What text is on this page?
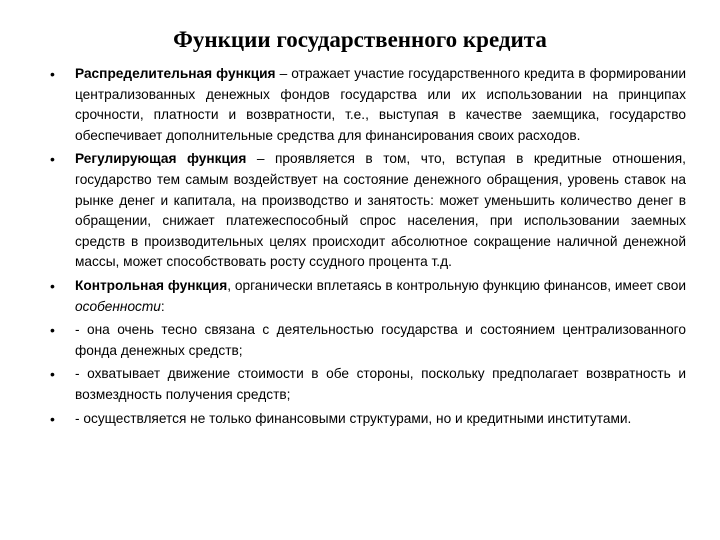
Функции государственного кредита
•	Распределительная функция – отражает участие государственного кредита в формировании централизованных денежных фондов государства или их использовании на принципах срочности, платности и возвратности, т.е., выступая в качестве заемщика, государство обеспечивает дополнительные средства для финансирования своих расходов.

•	Регулирующая функция – проявляется в том, что, вступая в кредитные отношения, государство тем самым воздействует на состояние денежного обращения, уровень ставок на рынке денег и капитала, на производство и занятость: может уменьшить количество денег в обращении, снижает платежеспособный спрос населения, при использовании заемных средств в производительных целях происходит абсолютное сокращение наличной денежной массы, может способствовать росту ссудного процента т.д.

•	Контрольная функция, органически вплетаясь в контрольную функцию финансов, имеет свои особенности:

•	- она очень тесно связана с деятельностью государства и состоянием централизованного фонда денежных средств;

•	- охватывает движение стоимости в обе стороны, поскольку предполагает возвратность и возмездность получения средств;

•	- осуществляется не только финансовыми структурами, но и кредитными институтами.
